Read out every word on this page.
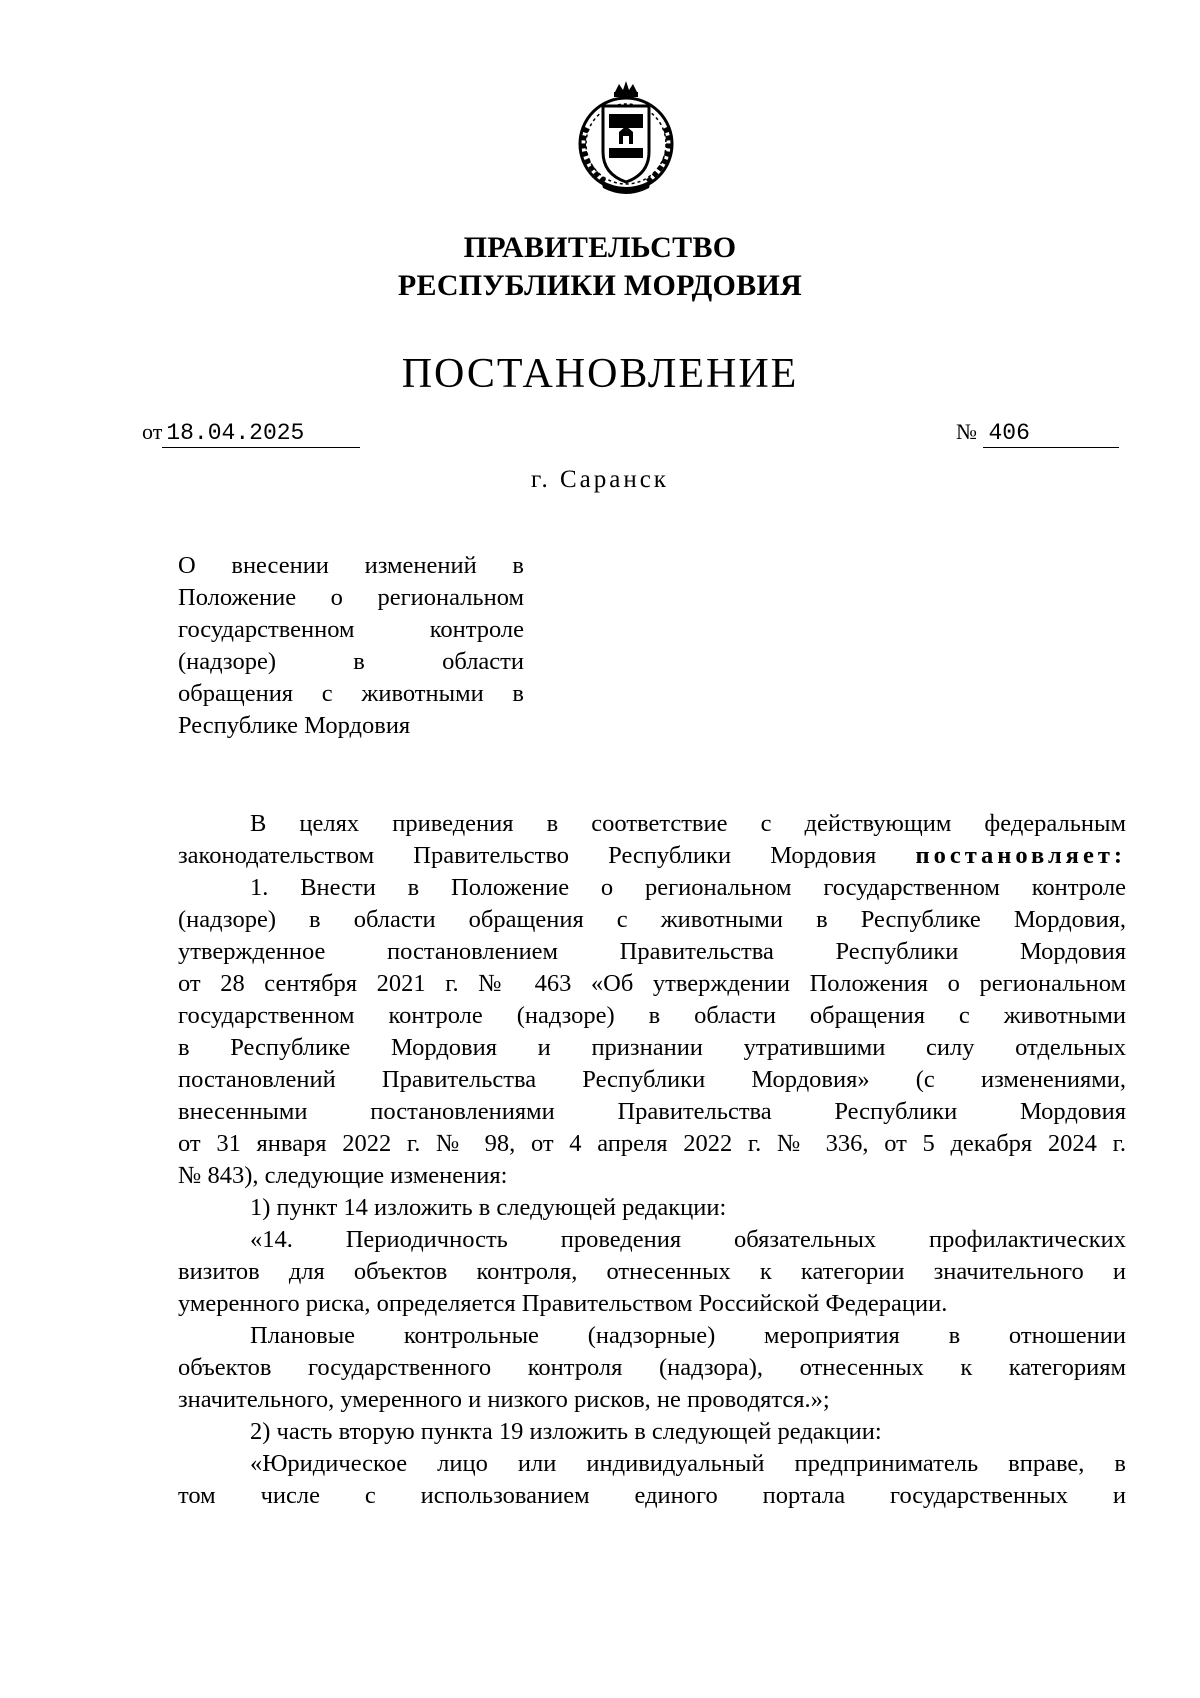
ПРАВИТЕЛЬСТВО
РЕСПУБЛИКИ МОРДОВИЯ
ПОСТАНОВЛЕНИЕ
от 18.04.2025	№ 406
г. Саранск
О внесении изменений в
Положение о региональном
государственном контроле
(надзоре) в области
обращения с животными в
Республике Мордовия
В целях приведения в соответствие с действующим федеральным
законодательством Правительство Республики Мордовия постановляет:
1. Внести в Положение о региональном государственном контроле
(надзоре) в области обращения с животными в Республике Мордовия,
утвержденное постановлением Правительства Республики Мордовия
от 28 сентября 2021 г. № 463 «Об утверждении Положения о региональном
государственном контроле (надзоре) в области обращения с животными
в Республике Мордовия и признании утратившими силу отдельных
постановлений Правительства Республики Мордовия» (с изменениями,
внесенными постановлениями Правительства Республики Мордовия
от 31 января 2022 г. № 98, от 4 апреля 2022 г. № 336, от 5 декабря 2024 г.
№ 843), следующие изменения:
1) пункт 14 изложить в следующей редакции:
«14. Периодичность проведения обязательных профилактических
визитов для объектов контроля, отнесенных к категории значительного и
умеренного риска, определяется Правительством Российской Федерации.
Плановые контрольные (надзорные) мероприятия в отношении
объектов государственного контроля (надзора), отнесенных к категориям
значительного, умеренного и низкого рисков, не проводятся.»;
2) часть вторую пункта 19 изложить в следующей редакции:
«Юридическое лицо или индивидуальный предприниматель вправе, в
том числе с использованием единого портала государственных и
